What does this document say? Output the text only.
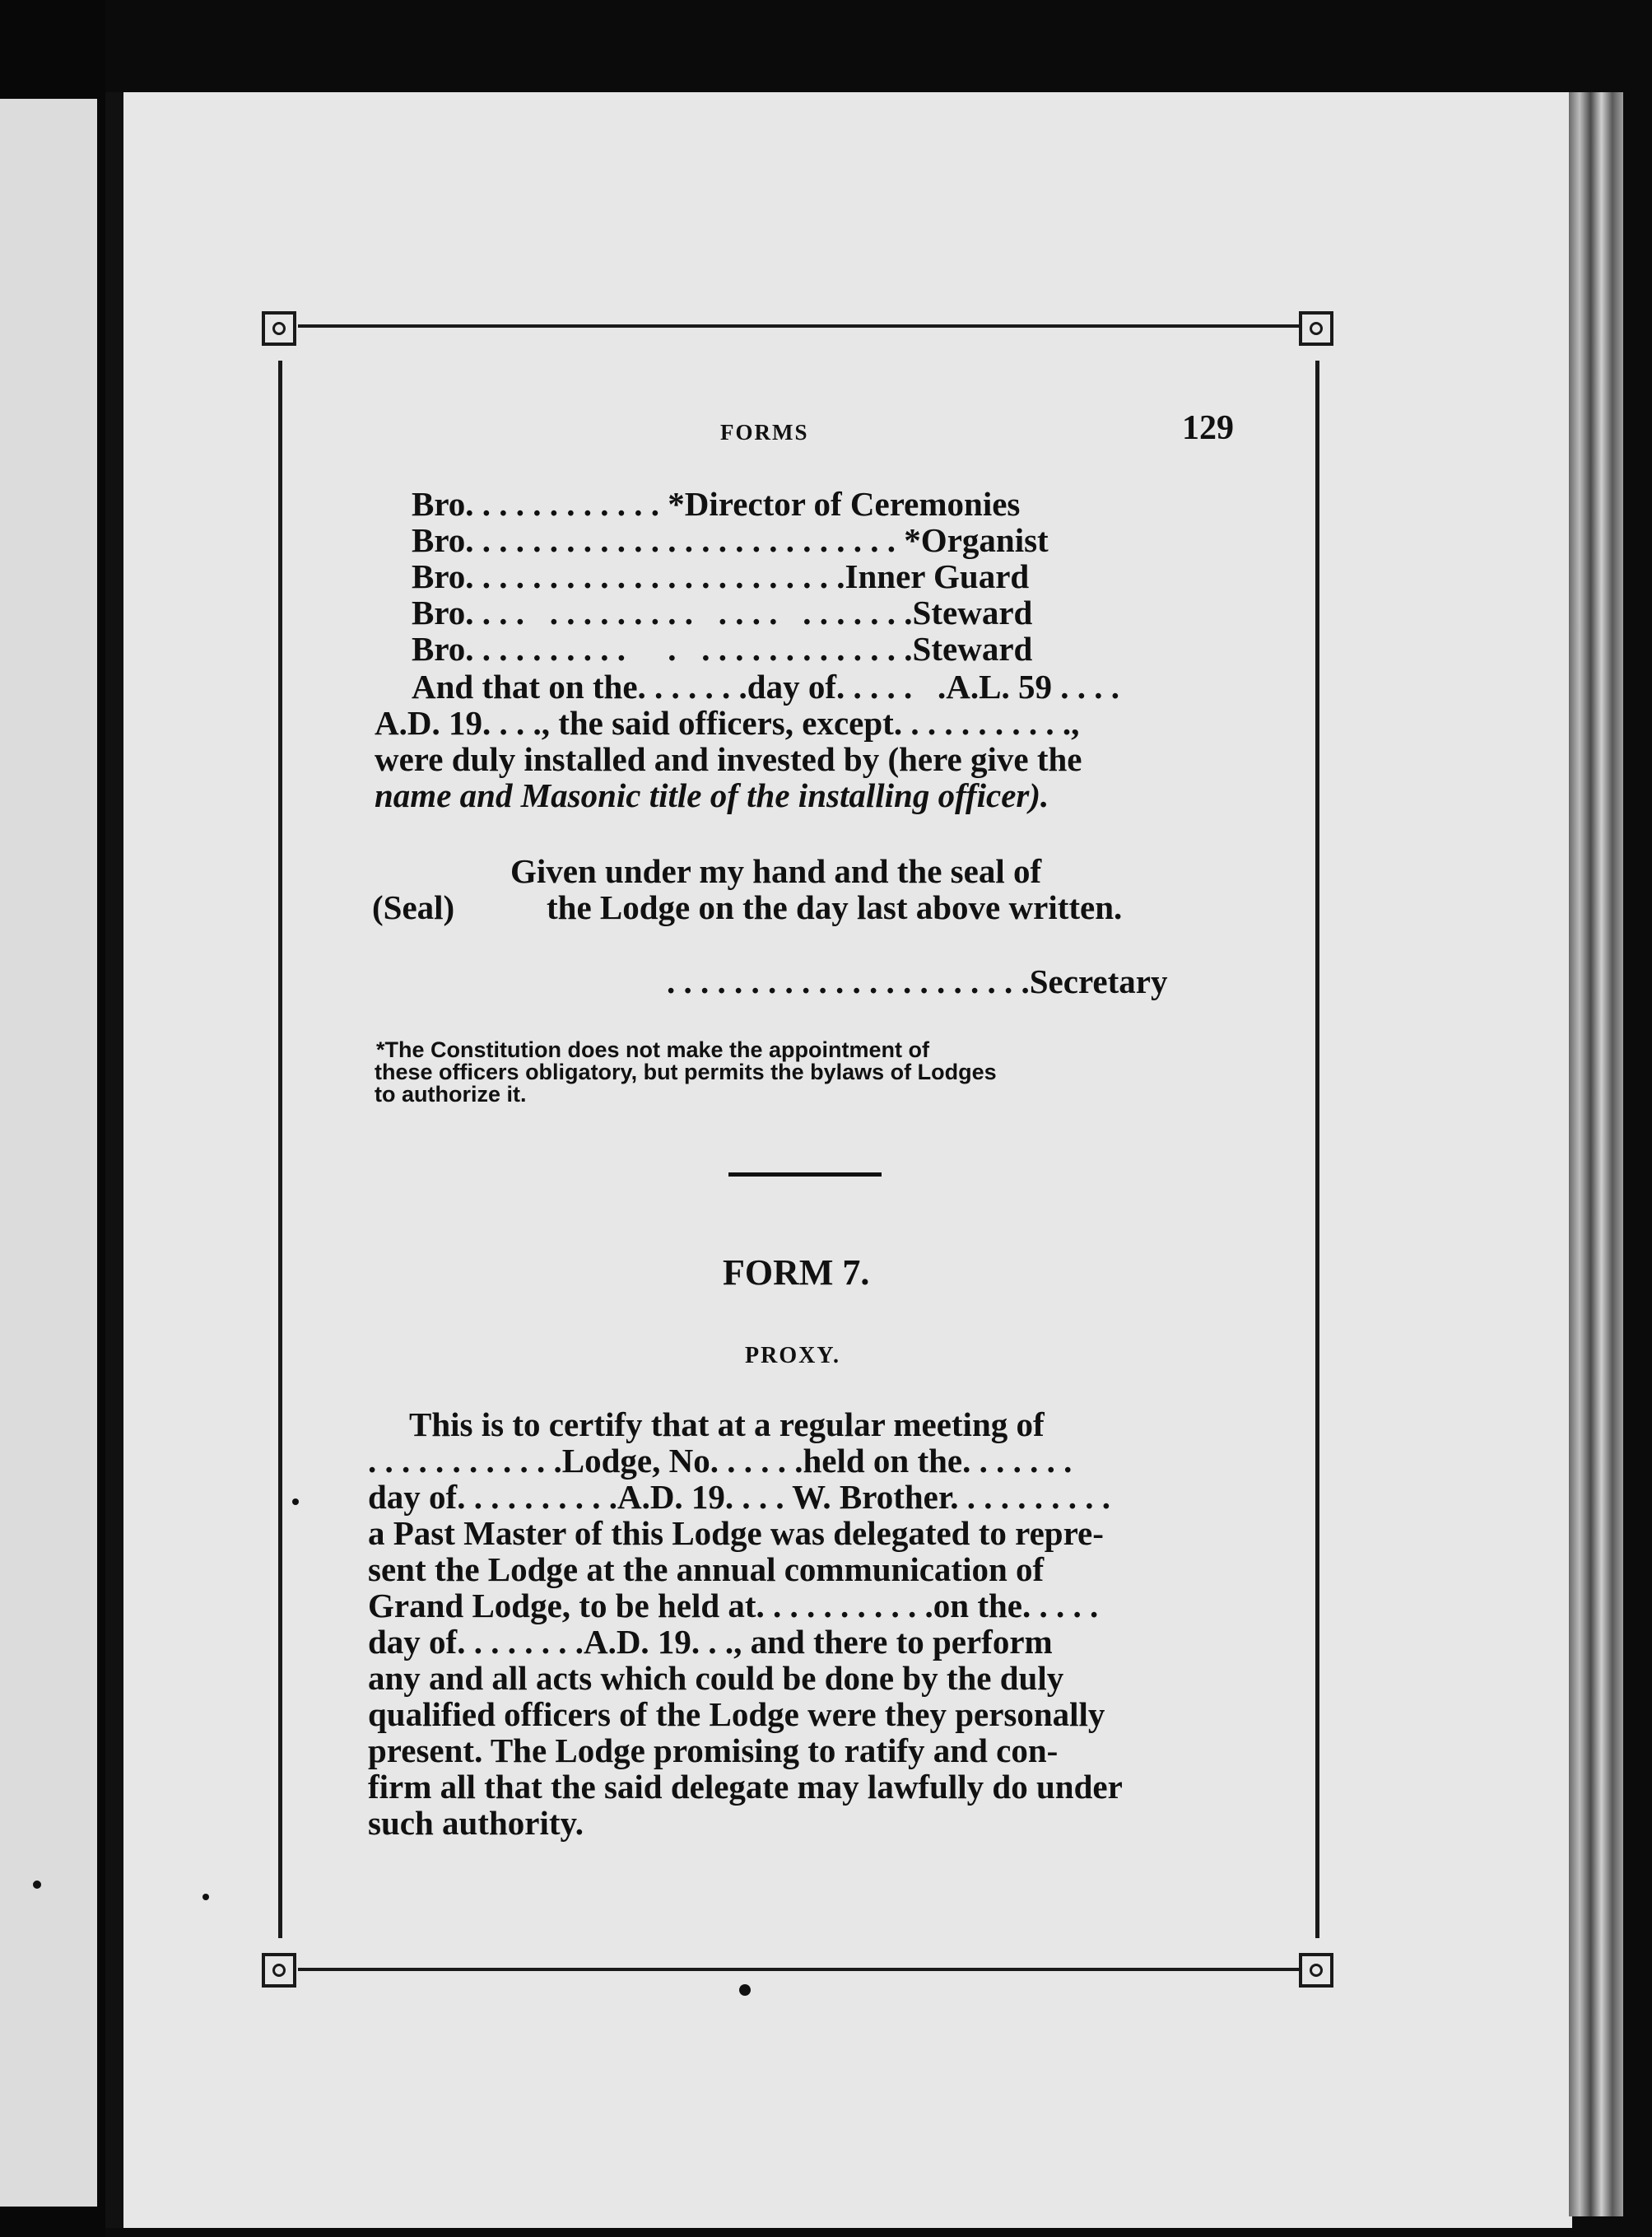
FORMS	129
Bro. . . . . . . . . . . . *Director of Ceremonies
Bro. . . . . . . . . . . . . . . . . . . . . . . . . . *Organist
Bro. . . . . . . . . . . . . . . . . . . . . . .Inner Guard
Bro. . . .   . . . . . . . . .   . . . .   . . . . . . .Steward
Bro. . . . . . . . . .     .   . . . . . . . . . . . . .Steward
And that on the. . . . . . .day of. . . . .   .A.L. 59 . . . .
A.D. 19. . . ., the said officers, except. . . . . . . . . . .,
were duly installed and invested by (here give the
name and Masonic title of the installing officer).
Given under my hand and the seal of
(Seal)	the Lodge on the day last above written.
. . . . . . . . . . . . . . . . . . . . . .Secretary
*The Constitution does not make the appointment of
these officers obligatory, but permits the bylaws of Lodges
to authorize it.
FORM 7.
PROXY.
This is to certify that at a regular meeting of
. . . . . . . . . . . .Lodge, No. . . . . .held on the. . . . . . .
day of. . . . . . . . . .A.D. 19. . . . W. Brother. . . . . . . . . .
a Past Master of this Lodge was delegated to repre-
sent the Lodge at the annual communication of
Grand Lodge, to be held at. . . . . . . . . . .on the. . . . .
day of. . . . . . . .A.D. 19. . ., and there to perform
any and all acts which could be done by the duly
qualified officers of the Lodge were they personally
present. The Lodge promising to ratify and con-
firm all that the said delegate may lawfully do under
such authority.
